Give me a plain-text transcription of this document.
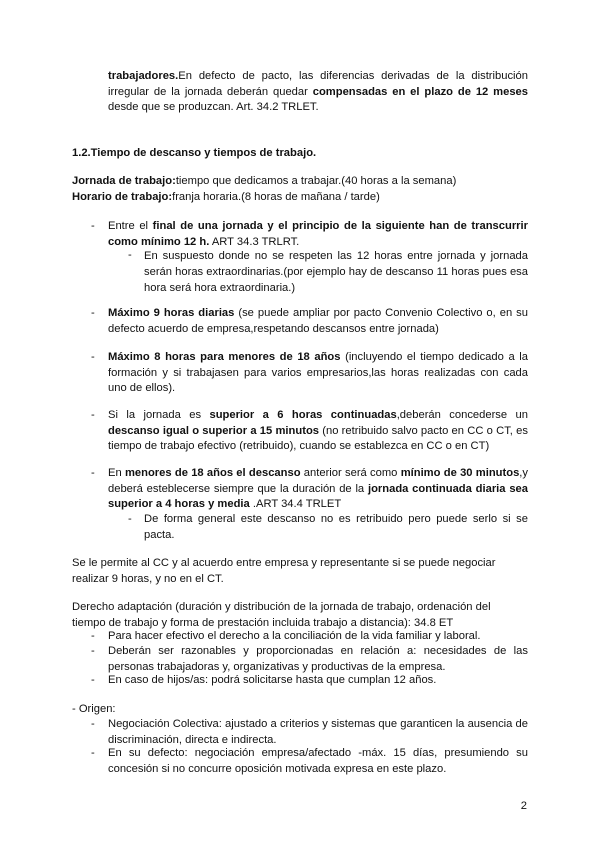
trabajadores.En defecto de pacto, las diferencias derivadas de la distribución irregular de la jornada deberán quedar compensadas en el plazo de 12 meses desde que se produzcan. Art. 34.2 TRLET.
1.2.Tiempo de descanso y tiempos de trabajo.
Jornada de trabajo:tiempo que dedicamos a trabajar.(40 horas a la semana)
Horario de trabajo:franja horaria.(8 horas de mañana / tarde)
- Entre el final de una jornada y el principio de la siguiente han de transcurrir como mínimo 12 h. ART 34.3 TRLRT.
- En suspuesto donde no se respeten las 12 horas entre jornada y jornada serán horas extraordinarias.(por ejemplo hay de descanso 11 horas pues esa hora será hora extraordinaria.)
- Máximo 9 horas diarias (se puede ampliar por pacto Convenio Colectivo o, en su defecto acuerdo de empresa,respetando descansos entre jornada)
- Máximo 8 horas para menores de 18 años (incluyendo el tiempo dedicado a la formación y si trabajasen para varios empresarios,las horas realizadas con cada uno de ellos).
- Si la jornada es superior a 6 horas continuadas,deberán concederse un descanso igual o superior a 15 minutos (no retribuido salvo pacto en CC o CT, es tiempo de trabajo efectivo (retribuido), cuando se establezca en CC o en CT)
- En menores de 18 años el descanso anterior será como mínimo de 30 minutos,y deberá esteblecerse siempre que la duración de la jornada continuada diaria sea superior a 4 horas y media .ART 34.4 TRLET
- De forma general este descanso no es retribuido pero puede serlo si se pacta.
Se le permite al CC y al acuerdo entre empresa y representante si se puede negociar
realizar 9 horas, y no en el CT.
Derecho adaptación (duración y distribución de la jornada de trabajo, ordenación del
tiempo de trabajo y forma de prestación incluida trabajo a distancia): 34.8 ET
- Para hacer efectivo el derecho a la conciliación de la vida familiar y laboral.
- Deberán ser razonables y proporcionadas en relación a: necesidades de las personas trabajadoras y, organizativas y productivas de la empresa.
- En caso de hijos/as: podrá solicitarse hasta que cumplan 12 años.
- Origen:
- Negociación Colectiva: ajustado a criterios y sistemas que garanticen la ausencia de discriminación, directa e indirecta.
- En su defecto: negociación empresa/afectado -máx. 15 días, presumiendo su concesión si no concurre oposición motivada expresa en este plazo.
2
